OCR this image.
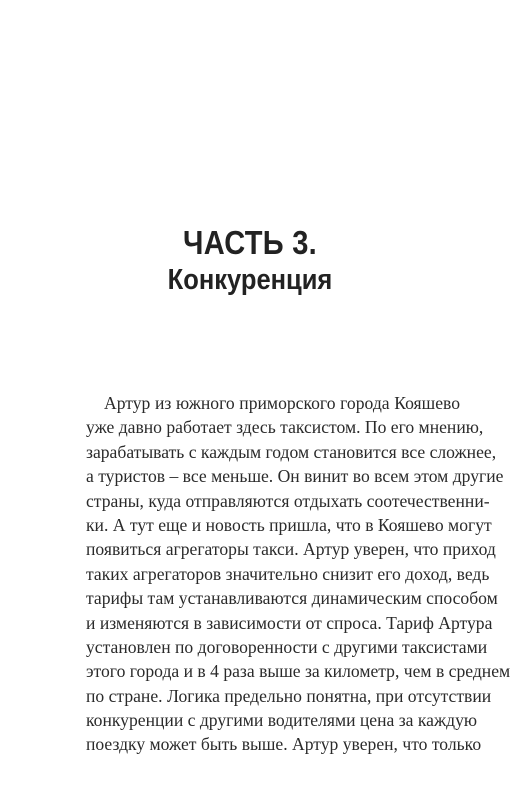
ЧАСТЬ 3.
Конкуренция
Артур из южного приморского города Кояшево
уже давно работает здесь таксистом. По его мнению,
зарабатывать с каждым годом становится все сложнее,
а туристов – все меньше. Он винит во всем этом другие
страны, куда отправляются отдыхать соотечественни-
ки. А тут еще и новость пришла, что в Кояшево могут
появиться агрегаторы такси. Артур уверен, что приход
таких агрегаторов значительно снизит его доход, ведь
тарифы там устанавливаются динамическим способом
и изменяются в зависимости от спроса. Тариф Артура
установлен по договоренности с другими таксистами
этого города и в 4 раза выше за километр, чем в среднем
по стране. Логика предельно понятна, при отсутствии
конкуренции с другими водителями цена за каждую
поездку может быть выше. Артур уверен, что только
